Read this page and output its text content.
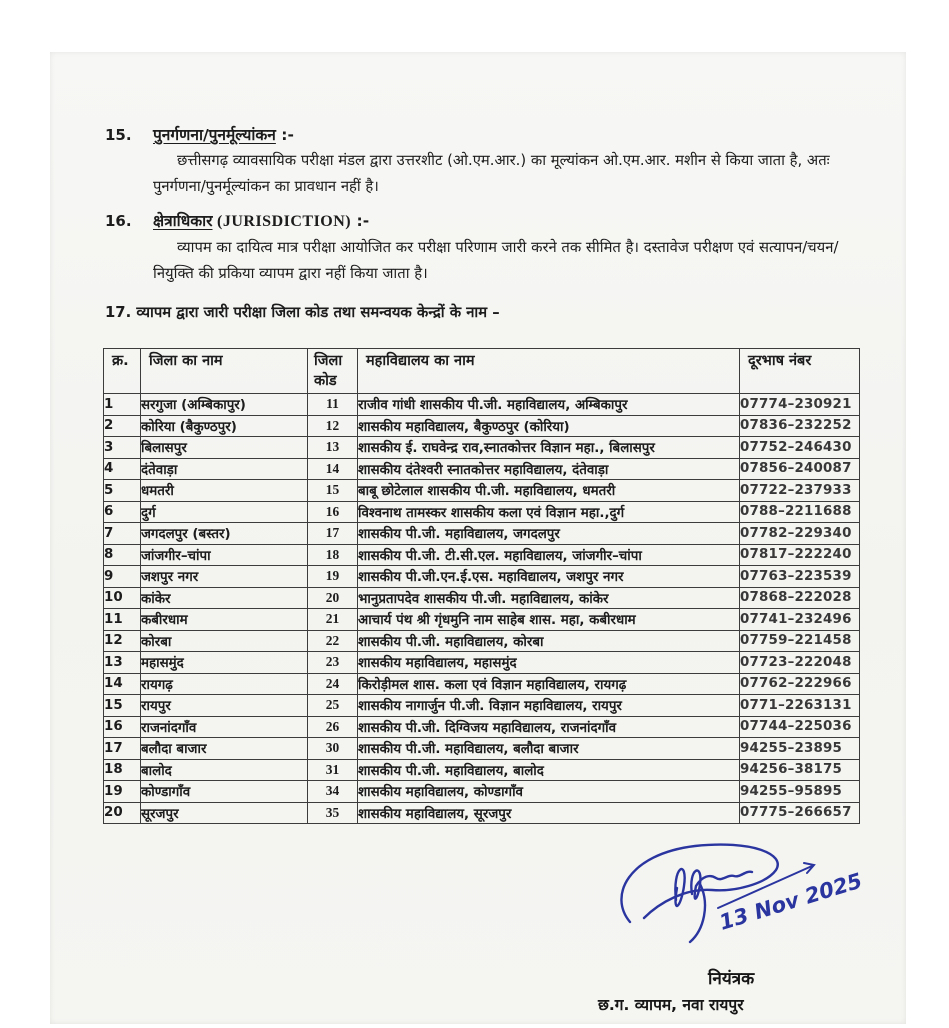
15.	पुनर्गणना/पुनर्मूल्यांकन :-

छत्तीसगढ़ व्यावसायिक परीक्षा मंडल द्वारा उत्तरशीट (ओ.एम.आर.) का मूल्यांकन ओ.एम.आर. मशीन से किया जाता है, अतः पुनर्गणना/पुनर्मूल्यांकन का प्रावधान नहीं है।

16.	क्षेत्राधिकार (JURISDICTION) :-

व्यापम का दायित्व मात्र परीक्षा आयोजित कर परीक्षा परिणाम जारी करने तक सीमित है। दस्तावेज परीक्षण एवं सत्यापन/चयन/नियुक्ति की प्रकिया व्यापम द्वारा नहीं किया जाता है।

17. व्यापम द्वारा जारी परीक्षा जिला कोड तथा समन्वयक केन्द्रों के नाम –
क्र.	जिला का नाम	जिला कोड	महाविद्यालय का नाम	दूरभाष नंबर
1	सरगुजा (अम्बिकापुर)	11	राजीव गांधी शासकीय पी.जी. महाविद्यालय, अम्बिकापुर	07774–230921
2	कोरिया (बैकुण्ठपुर)	12	शासकीय महाविद्यालय, बैकुण्ठपुर (कोरिया)	07836–232252
3	बिलासपुर	13	शासकीय ई. राघवेन्द्र राव,स्नातकोत्तर विज्ञान महा., बिलासपुर	07752–246430
4	दंतेवाड़ा	14	शासकीय दंतेश्वरी स्नातकोत्तर महाविद्यालय, दंतेवाड़ा	07856–240087
5	धमतरी	15	बाबू छोटेलाल शासकीय पी.जी. महाविद्यालय, धमतरी	07722–237933
6	दुर्ग	16	विश्वनाथ तामस्कर शासकीय कला एवं विज्ञान महा.,दुर्ग	0788–2211688
7	जगदलपुर (बस्तर)	17	शासकीय पी.जी. महाविद्यालय, जगदलपुर	07782–229340
8	जांजगीर–चांपा	18	शासकीय पी.जी. टी.सी.एल. महाविद्यालय, जांजगीर–चांपा	07817–222240
9	जशपुर नगर	19	शासकीय पी.जी.एन.ई.एस. महाविद्यालय, जशपुर नगर	07763–223539
10	कांकेर	20	भानुप्रतापदेव शासकीय पी.जी. महाविद्यालय, कांकेर	07868–222028
11	कबीरधाम	21	आचार्य पंथ श्री गृंधमुनि नाम साहेब शास. महा, कबीरधाम	07741–232496
12	कोरबा	22	शासकीय पी.जी. महाविद्यालय, कोरबा	07759–221458
13	महासमुंद	23	शासकीय महाविद्यालय, महासमुंद	07723–222048
14	रायगढ़	24	किरोड़ीमल शास. कला एवं विज्ञान महाविद्यालय, रायगढ़	07762–222966
15	रायपुर	25	शासकीय नागार्जुन पी.जी. विज्ञान महाविद्यालय, रायपुर	0771–2263131
16	राजनांदगाँव	26	शासकीय पी.जी. दिग्विजय महाविद्यालय, राजनांदगाँव	07744–225036
17	बलौदा बाजार	30	शासकीय पी.जी. महाविद्यालय, बलौदा बाजार	94255–23895
18	बालोद	31	शासकीय पी.जी. महाविद्यालय, बालोद	94256–38175
19	कोण्डागाँव	34	शासकीय महाविद्यालय, कोण्डागाँव	94255–95895
20	सूरजपुर	35	शासकीय महाविद्यालय, सूरजपुर	07775–266657
13 Nov 2025
नियंत्रक
छ.ग. व्यापम, नवा रायपुर
